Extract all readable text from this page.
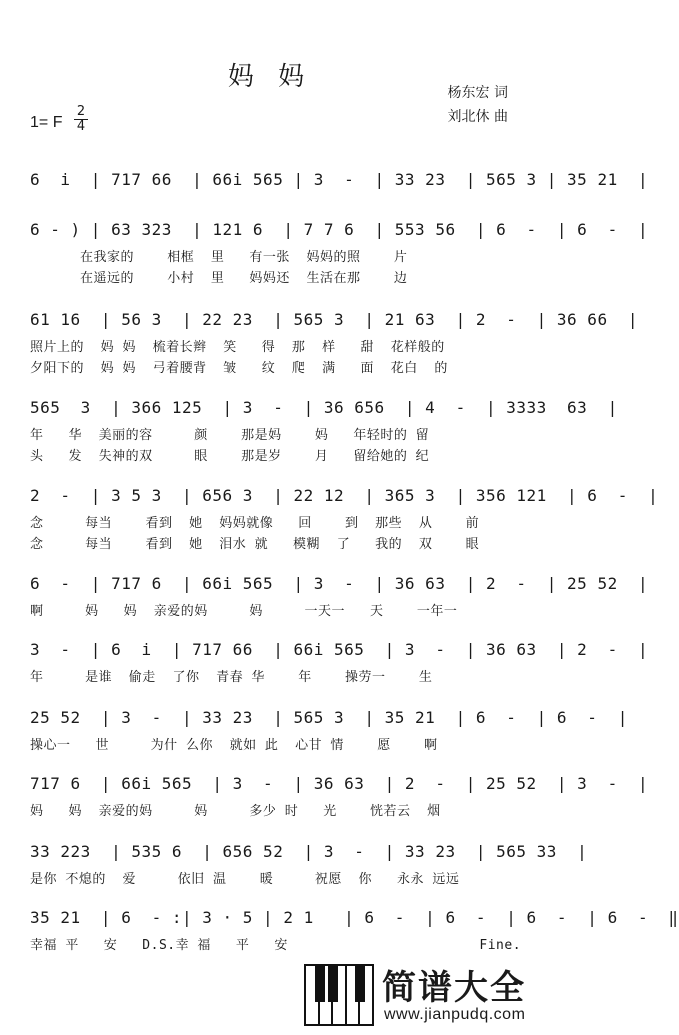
妈 妈
1= F $\frac{2}{4}$
杨东宏 词
刘北休 曲
6  i  | 717 66  | 66i 565 | 3  -  | 33 23  | 565 3 | 35 21  |
6 - ) | 63 323  | 121 6  | 7 7 6  | 553 56  | 6  -  | 6  -  |
在我家的    相框  里   有一张  妈妈的照    片
在遥远的    小村  里   妈妈还  生活在那    边
61 16  | 56 3  | 22 23  | 565 3  | 21 63  | 2  -  | 36 66  |
照片上的  妈 妈  梳着长辫  笑   得  那  样   甜  花样般的
夕阳下的  妈 妈  弓着腰背  皱   纹  爬  满   面  花白  的
565  3  | 366 125  | 3  -  | 36 656  | 4  -  | 3333  63  |
年   华  美丽的容     颜    那是妈    妈   年轻时的 留
头   发  失神的双     眼    那是岁    月   留给她的 纪
2  -  | 3 5 3  | 656 3  | 22 12  | 365 3  | 356 121  | 6  -  |
念     每当    看到  她  妈妈就像   回    到  那些  从    前
念     每当    看到  她  泪水 就   模糊  了   我的  双    眼
6  -  | 717 6  | 66i 565  | 3  -  | 36 63  | 2  -  | 25 52  |
啊     妈   妈  亲爱的妈     妈     一天一   天    一年一
3  -  | 6  i  | 717 66  | 66i 565  | 3  -  | 36 63  | 2  -  |
年     是谁  偷走  了你  青春 华    年    操劳一    生
25 52  | 3  -  | 33 23  | 565 3  | 35 21  | 6  -  | 6  -  |
操心一   世     为什 么你  就如 此  心甘 情    愿    啊
717 6  | 66i 565  | 3  -  | 36 63  | 2  -  | 25 52  | 3  -  |
妈   妈  亲爱的妈     妈     多少 时   光    恍若云  烟
33 223  | 535 6  | 656 52  | 3  -  | 33 23  | 565 33  |
是你 不熄的  爱     依旧 温    暖     祝愿  你   永永 远远
35 21  | 6  - :| 3 · 5 | 2 1   | 6  -  | 6  -  | 6  -  | 6  -  ‖
幸福 平   安   D.S.幸 福   平   安                       Fine.
简谱大全
www.jianpudq.com
